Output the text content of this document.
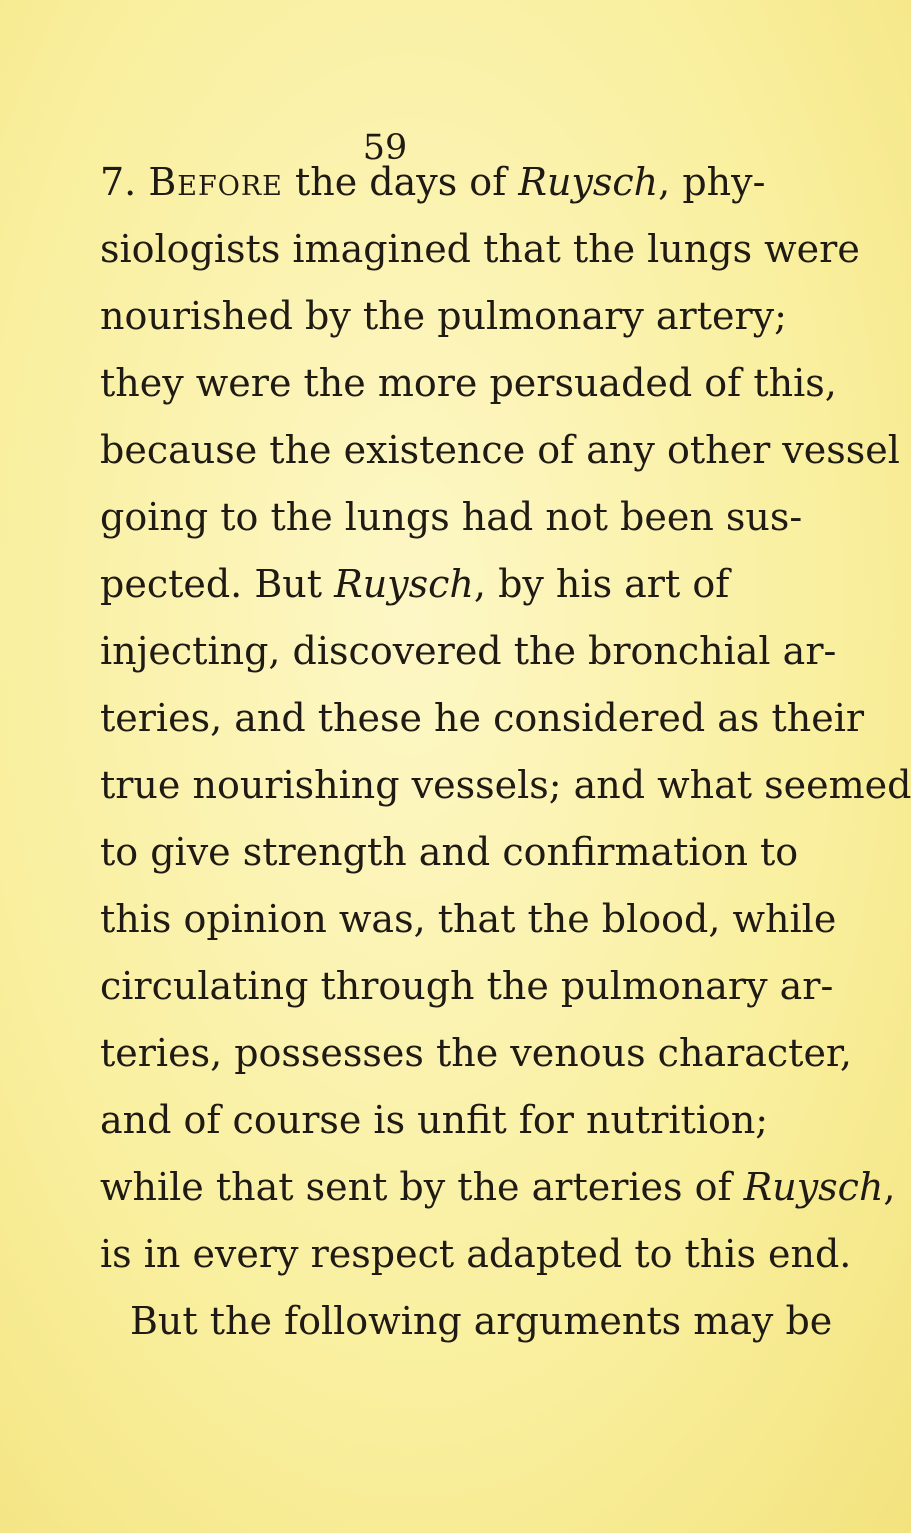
59
7. Before the days of Ruysch, phy-
siologists imagined that the lungs were
nourished by the pulmonary artery;
they were the more persuaded of this,
because the existence of any other vessel
going to the lungs had not been sus-
pected. But Ruysch, by his art of
injecting, discovered the bronchial ar-
teries, and these he considered as their
true nourishing vessels; and what seemed
to give strength and confirmation to
this opinion was, that the blood, while
circulating through the pulmonary ar-
teries, possesses the venous character,
and of course is unfit for nutrition;
while that sent by the arteries of Ruysch,
is in every respect adapted to this end.
But the following arguments may be
